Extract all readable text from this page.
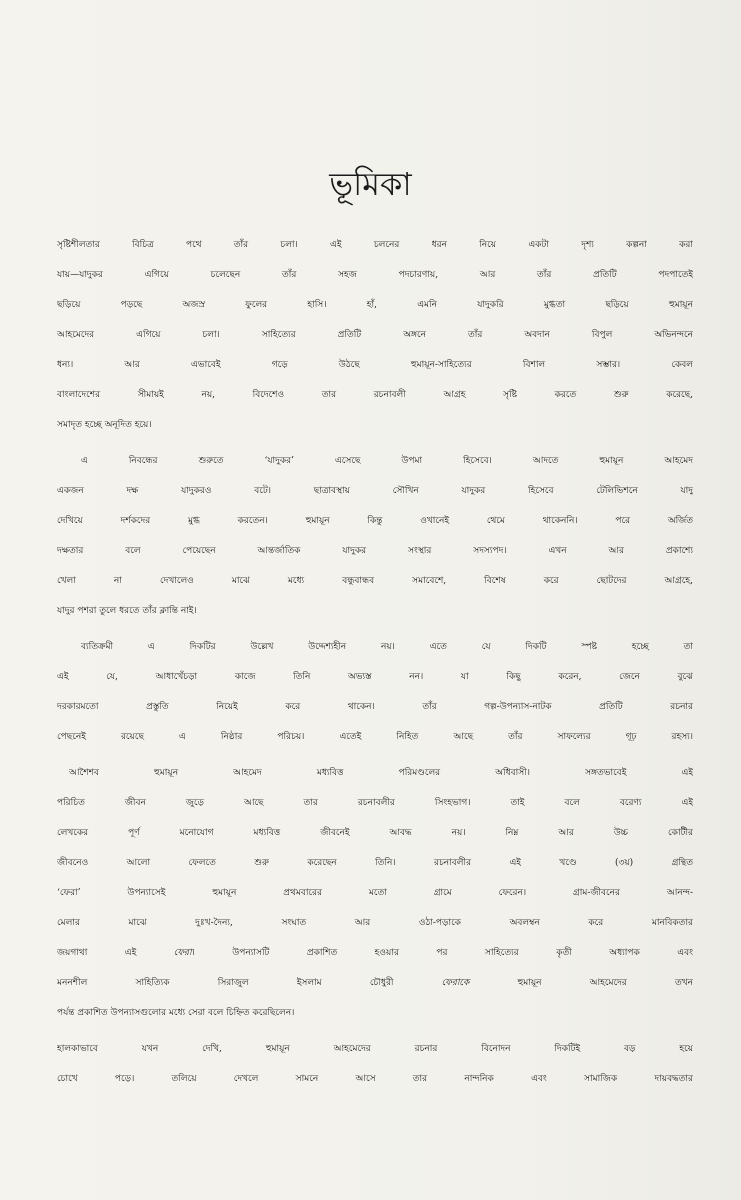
ভূমিকা
সৃষ্টিশীলতার বিচিত্র পথে তাঁর চলা। এই চলনের ধরন নিয়ে একটা দৃশ্য কল্পনা করা
যায়—যাদুকর এগিয়ে চলেছেন তাঁর সহজ পদচারণায়, আর তাঁর প্রতিটি পদপাতেই
ছড়িয়ে পড়ছে অজস্র ফুলের হাসি। হাঁ, এমনি যাদুকরি মুগ্ধতা ছড়িয়ে হুমায়ূন
আহমেদের এগিয়ে চলা। সাহিত্যের প্রতিটি অঙ্গনে তাঁর অবদান বিপুল অভিনন্দনে
ধন্য। আর এভাবেই গড়ে উঠছে হুমায়ূন-সাহিত্যের বিশাল সম্ভার। কেবল
বাংলাদেশের সীমায়ই নয়, বিদেশেও তার রচনাবলী আগ্রহ সৃষ্টি করতে শুরু করেছে,
সমাদৃত হচ্ছে অনূদিত হয়ে।
এ নিবন্ধের শুরুতে ‘যাদুকর’ এসেছে উপমা হিসেবে। আদতে হুমায়ূন আহমেদ
একজন দক্ষ যাদুকরও বটে। ছাত্রাবস্থায় সৌখিন যাদুকর হিসেবে টেলিভিশনে যাদু
দেখিয়ে দর্শকদের মুগ্ধ করতেন। হুমায়ূন কিন্তু ওখানেই থেমে থাকেননি। পরে অর্জিত
দক্ষতার বলে পেয়েছেন আন্তর্জাতিক যাদুকর সংস্থার সদস্যপদ। এখন আর প্রকাশ্যে
খেলা না দেখালেও মাঝে মধ্যে বন্ধুবান্ধব সমাবেশে, বিশেষ করে ছোটদের আগ্রহে,
যাদুর পশরা তুলে ধরতে তাঁর ক্লান্তি নাই।
ব্যতিক্রমী এ দিকটির উল্লেখ উদ্দেশ্যহীন নয়। এতে যে দিকটি স্পষ্ট হচ্ছে তা
এই যে, আধাখেঁচড়া কাজে তিনি অভ্যস্ত নন। যা কিছু করেন, জেনে বুঝে
দরকারমতো প্রস্তুতি নিয়েই করে থাকেন। তাঁর গল্প-উপন্যাস-নাটক প্রতিটি রচনার
পেছনেই রয়েছে এ নিষ্ঠার পরিচয়। এতেই নিহিত আছে তাঁর সাফল্যের গূঢ় রহস্য।
আশৈশব হুমায়ূন আহমেদ মধ্যবিত্ত পরিমণ্ডলের অধিবাসী। সঙ্গতভাবেই এই
পরিচিত জীবন জুড়ে আছে তার রচনাবলীর সিংহভাগ। তাই বলে বরেণ্য এই
লেখকের পূর্ণ মনোযোগ মধ্যবিত্ত জীবনেই আবদ্ধ নয়। নিম্ন আর উচ্চ কোটীর
জীবনেও আলো ফেলতে শুরু করেছেন তিনি। রচনাবলীর এই খণ্ডে (৩য়) গ্রন্থিত
‘ফেরা’ উপন্যাসেই হুমায়ূন প্রথমবারের মতো গ্রামে ফেরেন। গ্রাম-জীবনের আনন্দ-
মেলার মাঝে দুঃখ-দৈন্য, সংঘাত আর ওঠা-পড়াকে অবলম্বন করে মানবিকতার
জয়গাথা এই ফেরা। উপন্যাসটি প্রকাশিত হওয়ার পর সাহিত্যের কৃতী অধ্যাপক এবং
মননশীল সাহিত্যিক সিরাজুল ইসলাম চৌধুরী ফেরাকে হুমায়ূন আহমেদের তখন
পর্যন্ত প্রকাশিত উপন্যাসগুলোর মধ্যে সেরা বলে চিহ্নিত করেছিলেন।
হালকাভাবে যখন দেখি, হুমায়ূন আহমেদের রচনার বিনোদন দিকটিই বড় হয়ে
চোখে পড়ে। তলিয়ে দেখলে সামনে আসে তার নান্দনিক এবং সামাজিক দায়বদ্ধতার
